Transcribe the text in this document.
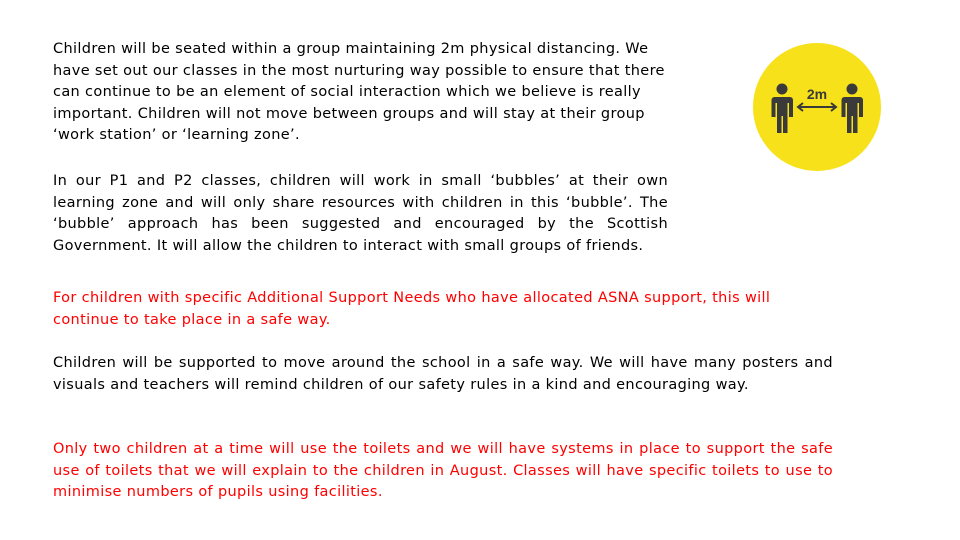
Children will be seated within a group maintaining 2m physical distancing. We have set out our classes in the most nurturing way possible to ensure that there can continue to be an element of social interaction which we believe is really important. Children will not move between groups and will stay at their group ‘work station’ or ‘learning zone’.

In our P1 and P2 classes, children will work in small ‘bubbles’ at their own learning zone and will only share resources with children in this ‘bubble’. The ‘bubble’ approach has been suggested and encouraged by the Scottish Government. It will allow the children to interact with small groups of friends.

For children with specific Additional Support Needs who have allocated ASNA support, this will continue to take place in a safe way.

Children will be supported to move around the school in a safe way. We will have many posters and visuals and teachers will remind children of our safety rules in a kind and encouraging way.

Only two children at a time will use the toilets and we will have systems in place to support the safe use of toilets that we will explain to the children in August. Classes will have specific toilets to use to minimise numbers of pupils using facilities.

2m
